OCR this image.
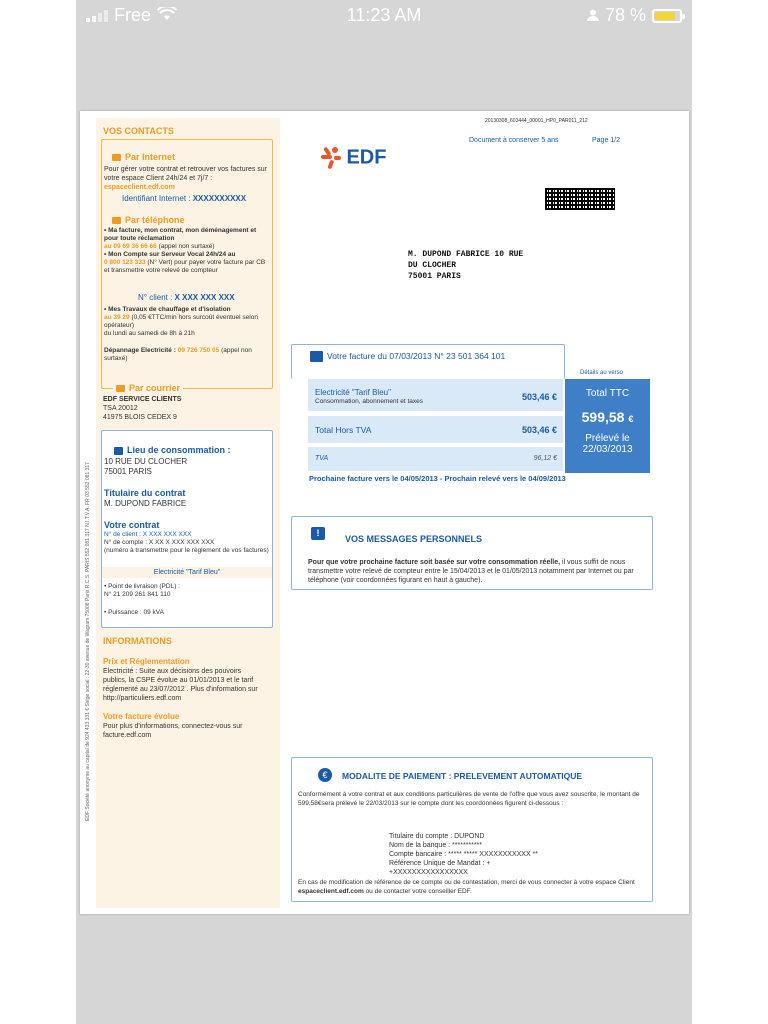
Free	11:23 AM	78 %
EDF Société anonyme au capital de 924 433 331 € Siège social : 22-30 avenue de Wagram 75008 Paris R.C.S. PARIS 552 081 317 N.I.T.V.A. FR 03 552 081 317
VOS CONTACTS
Par Internet
Pour gérer votre contrat et retrouver vos factures sur votre espace Client 24h/24 et 7j/7 : espaceclient.edf.com
Identifiant Internet : XXXXXXXXXX
Par téléphone
• Ma facture, mon contrat, mon déménagement et pour toute réclamation
au 09 69 36 66 66 (appel non surtaxé)
• Mon Compte sur Serveur Vocal 24h/24 au
0 800 123 333 (N° Vert) pour payer votre facture par CB et transmettre votre relevé de compteur
N° client : X XXX XXX XXX
• Mes Travaux de chauffage et d'isolation
au 39 29 (0,05 €TTC/min hors surcoût éventuel selon opérateur)
du lundi au samedi de 8h à 21h
Dépannage Electricité : 09 726 750 05 (appel non surtaxé)
Par courrier
EDF SERVICE CLIENTS
TSA 20012
41975 BLOIS CEDEX 9
Lieu de consommation :
10 RUE DU CLOCHER
75001 PARIS
Titulaire du contrat
M. DUPOND FABRICE
Votre contrat
N° de client : X XXX XXX XXX
N° de compte : X XX X XXX XXX XXX
(numéro à transmettre pour le règlement de vos factures)
Electricité "Tarif Bleu"
• Point de livraison (PDL) :
N° 21 209 261 841 110
• Puissance : 09 kVA
INFORMATIONS
Prix et Réglementation
Electricité : Suite aux décisions des pouvoirs publics, la CSPE évolue au 01/01/2013 et le tarif réglementé au 23/07/2012 . Plus d'information sur http://particuliers.edf.com
Votre facture évolue
Pour plus d'informations, connectez-vous sur facture.edf.com
20130308_603444_00001_HP0_PAR011_212
Document à conserver 5 ans	Page 1/2
EDF
M. DUPOND FABRICE 10 RUE
DU CLOCHER
75001 PARIS
Votre facture du 07/03/2013 N° 23 501 364 101
Détails au verso
Electricité "Tarif Bleu"
Consommation, abonnement et taxes	503,46 €
Total Hors TVA	503,46 €
TVA	96,12 €
Total TTC
599,58 €
Prélevé le
22/03/2013
Prochaine facture vers le 04/05/2013 - Prochain relevé vers le 04/09/2013
!
VOS MESSAGES PERSONNELS
Pour que votre prochaine facture soit basée sur votre consommation réelle, il vous suffit de nous transmettre votre relevé de compteur entre le 15/04/2013 et le 01/05/2013 notamment par Internet ou par téléphone (voir coordonnées figurant en haut à gauche).
€	MODALITE DE PAIEMENT : PRELEVEMENT AUTOMATIQUE
Conformément à votre contrat et aux conditions particulières de vente de l'offre que vous avez souscrite, le montant de 599,58€sera prélevé le 22/03/2013 sur le compte dont les coordonnées figurent ci-dessous :
Titulaire du compte : DUPOND
Nom de la banque : ***********
Compte bancaire : ***** ***** XXXXXXXXXXX **
Référence Unique de Mandat : +
+XXXXXXXXXXXXXXXX
En cas de modification de référence de ce compte ou de contestation, merci de vous connecter à votre espace Client espaceclient.edf.com ou de contacter votre conseiller EDF.
